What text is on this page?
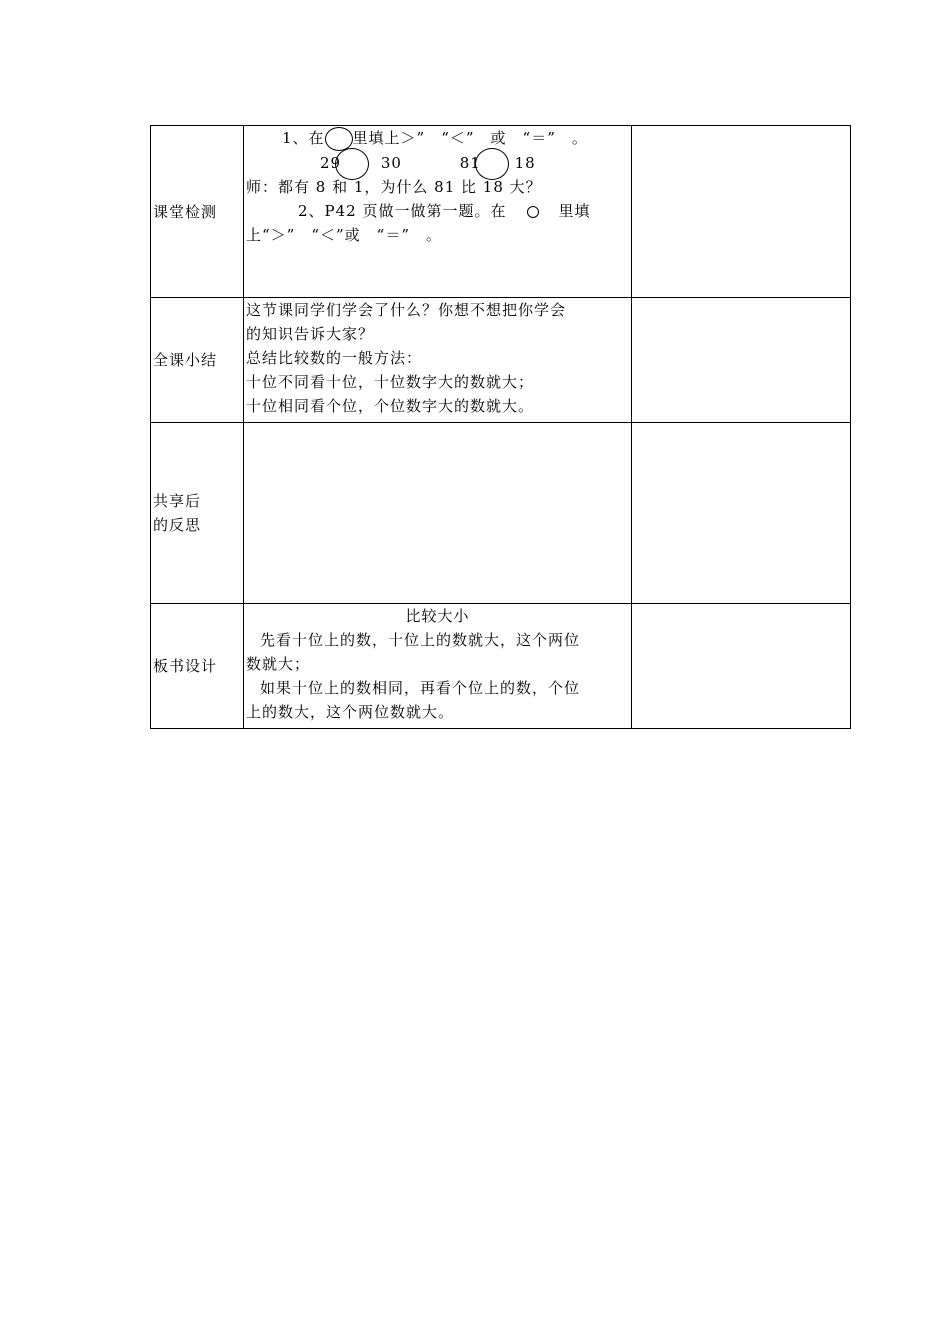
课堂检测	1、在 里填上＞”　“＜”　或　“＝”　。
29 30 81 18
师：都有 8 和 1，为什么 81 比 18 大？
2、P42 页做一做第一题。在 里填
上“＞”　“＜”或　“＝”　。	

全课小结	这节课同学们学会了什么？你想不想把你学会
的知识告诉大家？
总结比较数的一般方法：
十位不同看十位，十位数字大的数就大；
十位相同看个位，个位数字大的数就大。	

共享后
的反思		

板书设计	比较大小
先看十位上的数，十位上的数就大，这个两位
数就大；
如果十位上的数相同，再看个位上的数，个位
上的数大，这个两位数就大。	
